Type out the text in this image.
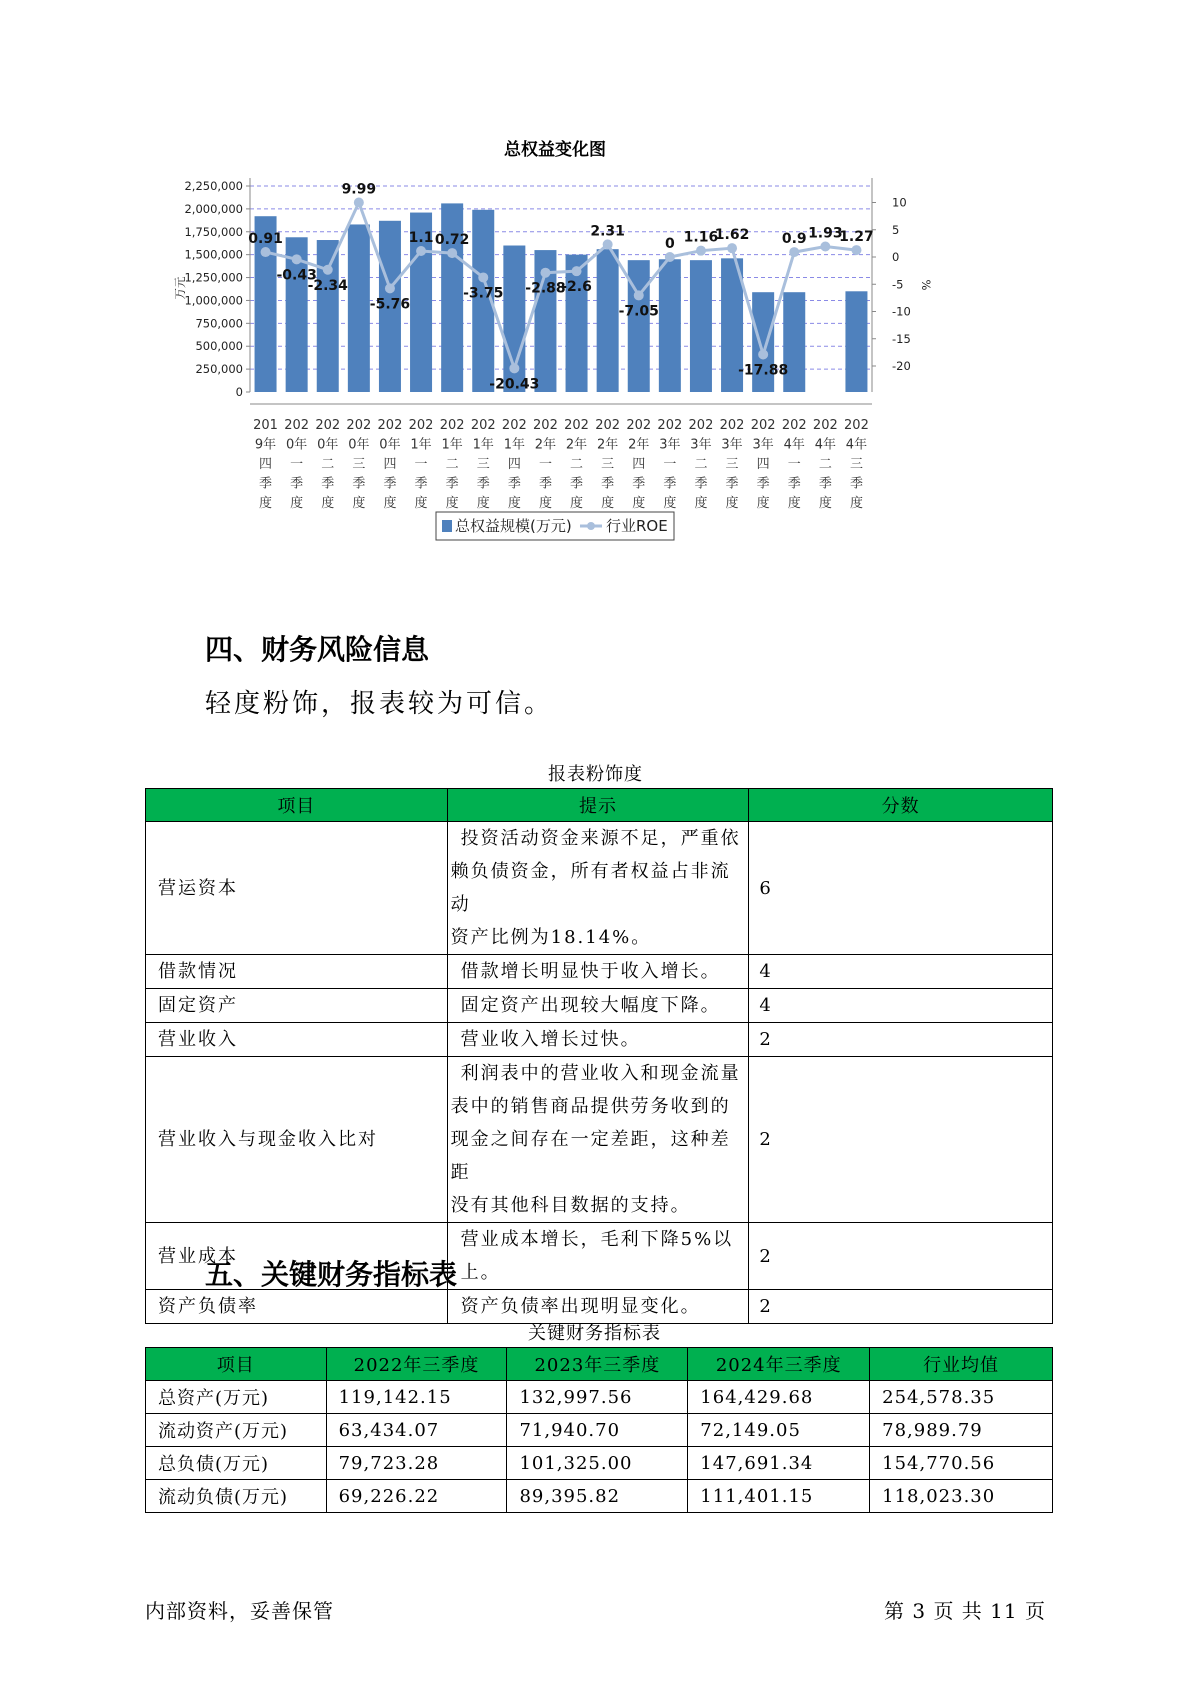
总权益变化图
2,250,000
2,000,000
1,750,000
1,500,000
1,250,000
1,000,000
750,000
500,000
250,000
0
万元	%
10
5
0
-5
-10
-15
-20
0.91
-0.43
-2.34
9.99
-5.76
1.1 0.72
-3.75
-20.43
-2.88
-2.6
2.31
-7.05
0 1.16
1.62
-17.88
0.9 1.93
1.27
201
9年
四
季
度
202
0年
一
季
度
202
0年
二
季
度
202
0年
三
季
度
202
0年
四
季
度
202
1年
一
季
度
202
1年
二
季
度
202
1年
三
季
度
202
1年
四
季
度
202
2年
一
季
度
202
2年
二
季
度
202
2年
三
季
度
202
2年
四
季
度
202
3年
一
季
度
202
3年
二
季
度
202
3年
三
季
度
202
3年
四
季
度
202
4年
一
季
度
202
4年
二
季
度
202
4年
三
季
度
总权益规模(万元) 行业ROE
四、财务风险信息
轻度粉饰，报表较为可信。
报表粉饰度
项目	提示	分数
营运资本	投资活动资金来源不足，严重依
赖负债资金，所有者权益占非流动
资产比例为18.14%。	6
借款情况	借款增长明显快于收入增长。	4
固定资产	固定资产出现较大幅度下降。	4
营业收入	营业收入增长过快。	2
营业收入与现金收入比对	利润表中的营业收入和现金流量
表中的销售商品提供劳务收到的
现金之间存在一定差距，这种差距
没有其他科目数据的支持。	2
营业成本	营业成本增长，毛利下降5%以上。	2
资产负债率	资产负债率出现明显变化。	2
五、关键财务指标表
关键财务指标表
项目	2022年三季度	2023年三季度	2024年三季度	行业均值
总资产(万元)	119,142.15	132,997.56	164,429.68	254,578.35
流动资产(万元)	63,434.07	71,940.70	72,149.05	78,989.79
总负债(万元)	79,723.28	101,325.00	147,691.34	154,770.56
流动负债(万元)	69,226.22	89,395.82	111,401.15	118,023.30
内部资料，妥善保管	第 3 页 共 11 页
